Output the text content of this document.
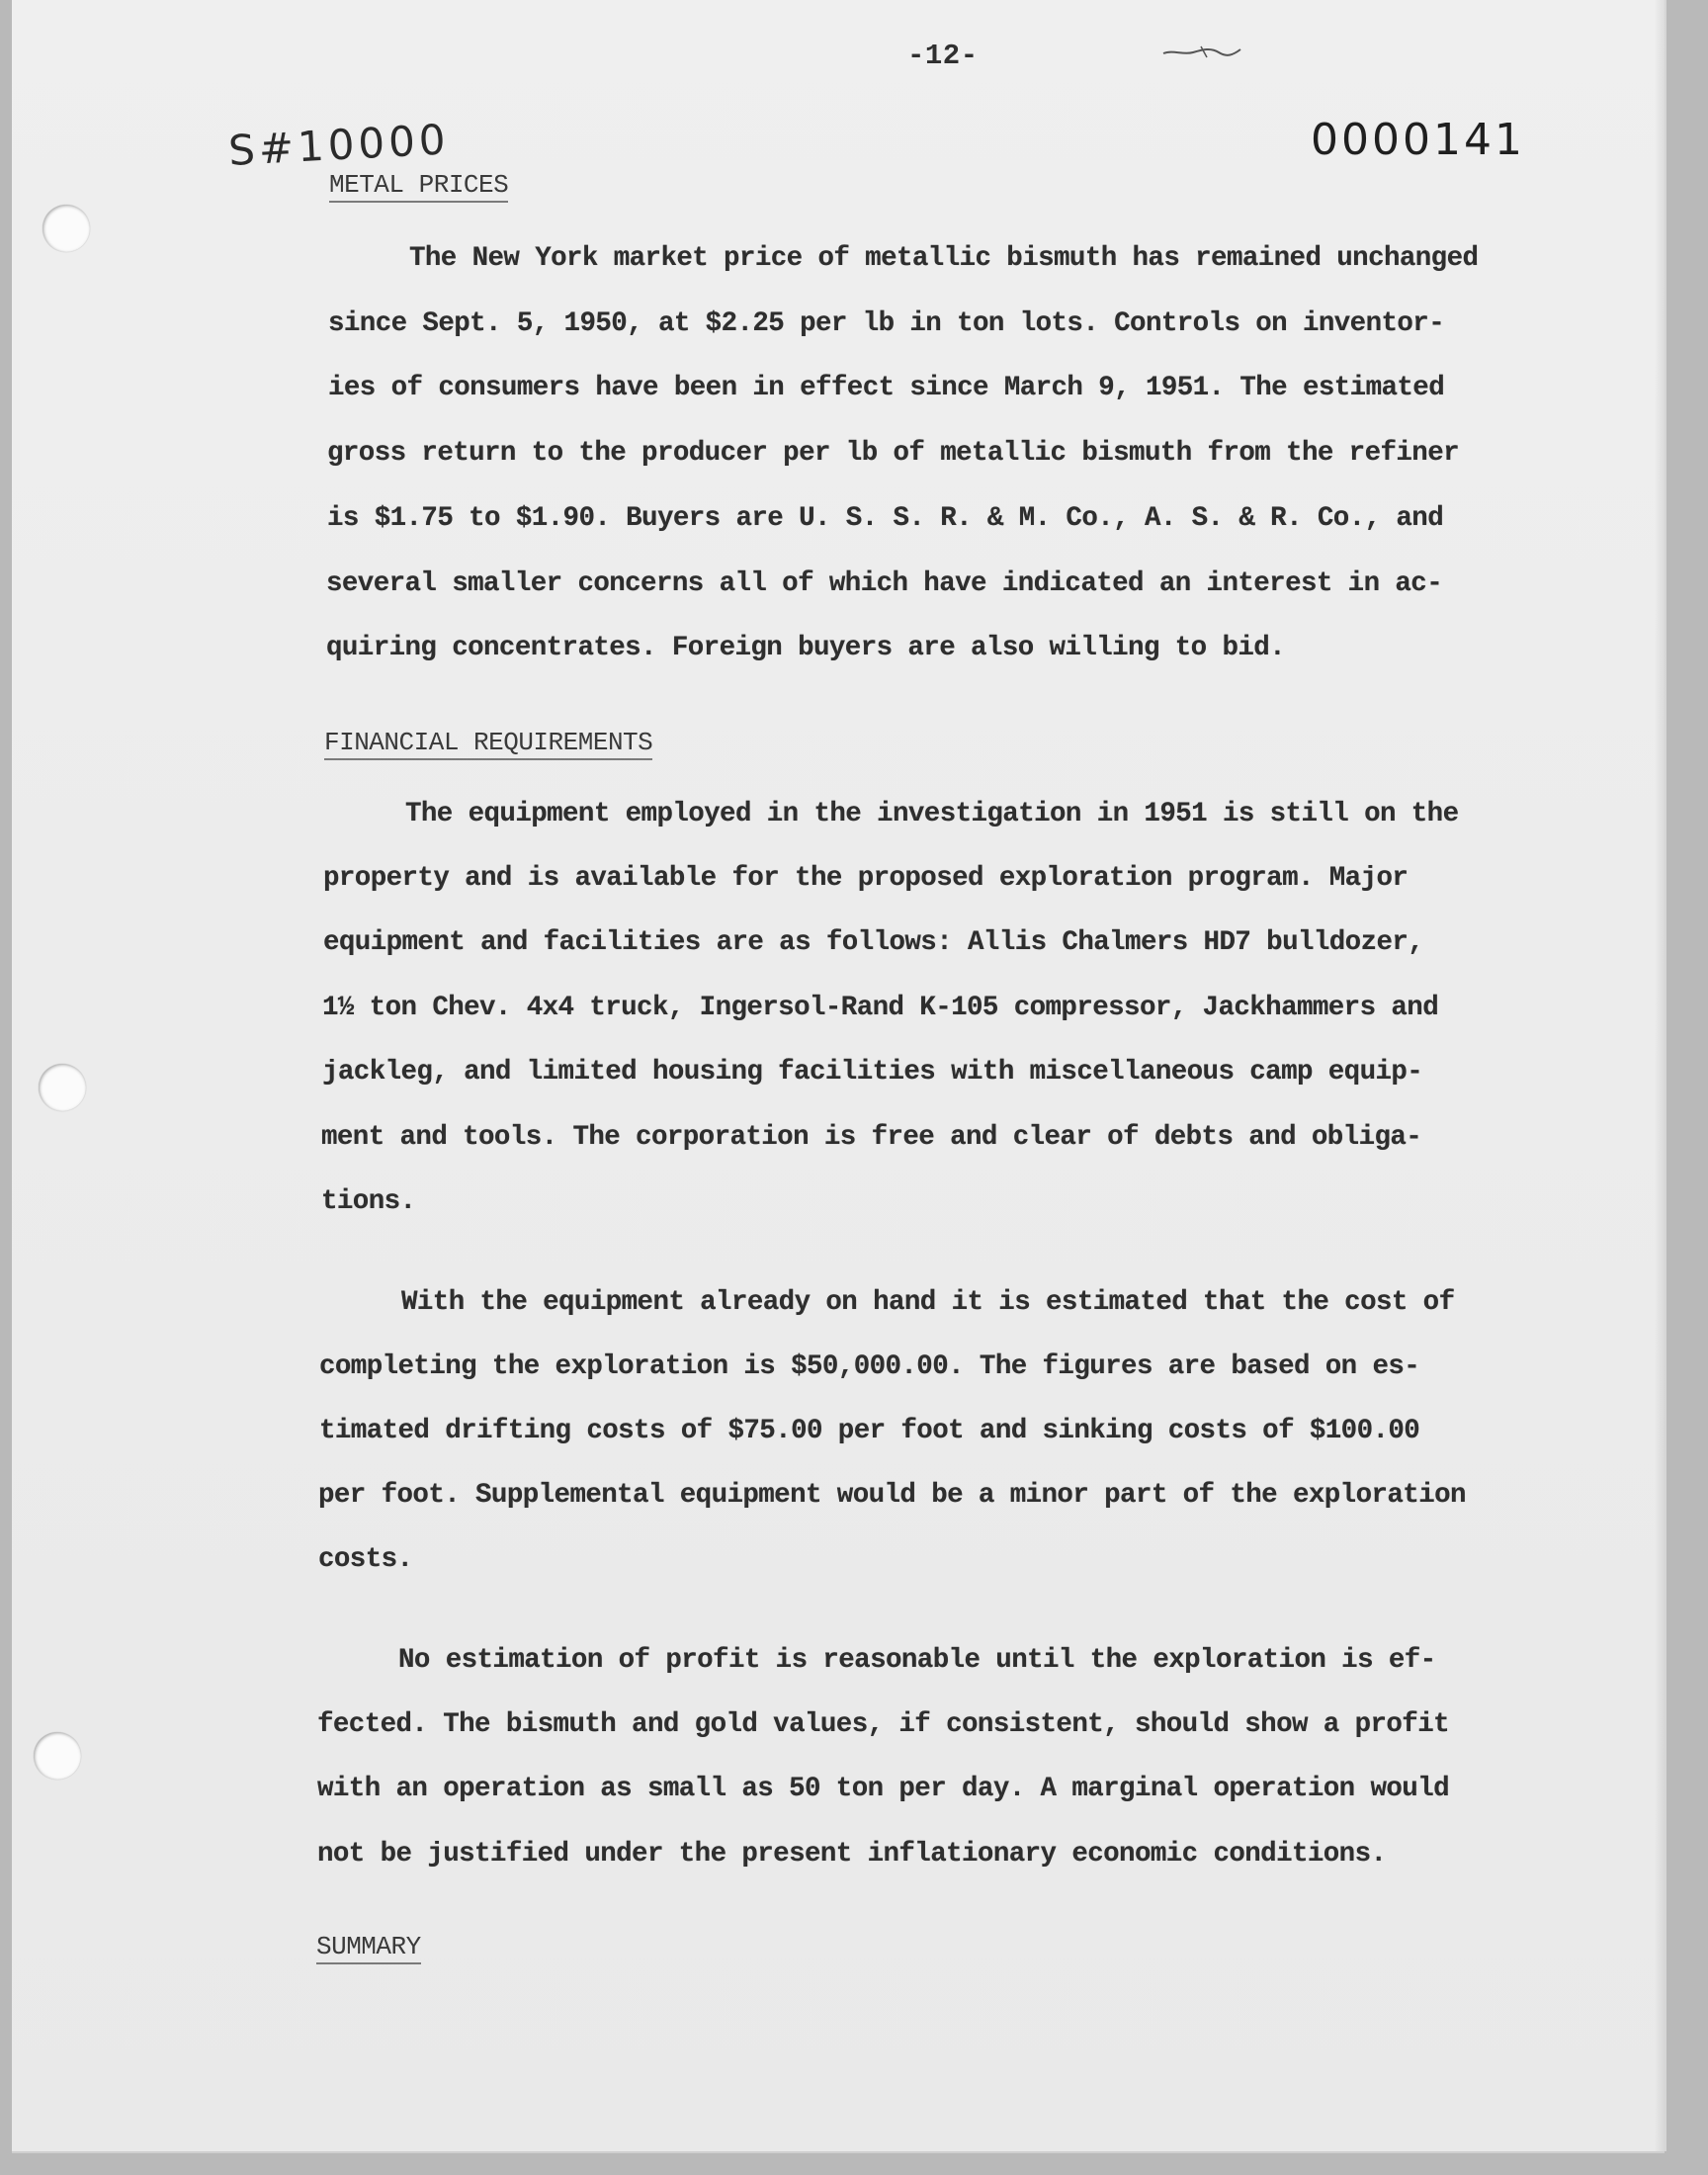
-12-
S#10000	0000141
METAL PRICES
The New York market price of metallic bismuth has remained unchanged
since Sept. 5, 1950, at $2.25 per lb in ton lots. Controls on inventor-
ies of consumers have been in effect since March 9, 1951. The estimated
gross return to the producer per lb of metallic bismuth from the refiner
is $1.75 to $1.90. Buyers are U. S. S. R. & M. Co., A. S. & R. Co., and
several smaller concerns all of which have indicated an interest in ac-
quiring concentrates. Foreign buyers are also willing to bid.
FINANCIAL REQUIREMENTS
The equipment employed in the investigation in 1951 is still on the
property and is available for the proposed exploration program. Major
equipment and facilities are as follows: Allis Chalmers HD7 bulldozer,
1½ ton Chev. 4x4 truck, Ingersol-Rand K-105 compressor, Jackhammers and
jackleg, and limited housing facilities with miscellaneous camp equip-
ment and tools. The corporation is free and clear of debts and obliga-
tions.
With the equipment already on hand it is estimated that the cost of
completing the exploration is $50,000.00. The figures are based on es-
timated drifting costs of $75.00 per foot and sinking costs of $100.00
per foot. Supplemental equipment would be a minor part of the exploration
costs.
No estimation of profit is reasonable until the exploration is ef-
fected. The bismuth and gold values, if consistent, should show a profit
with an operation as small as 50 ton per day. A marginal operation would
not be justified under the present inflationary economic conditions.
SUMMARY
